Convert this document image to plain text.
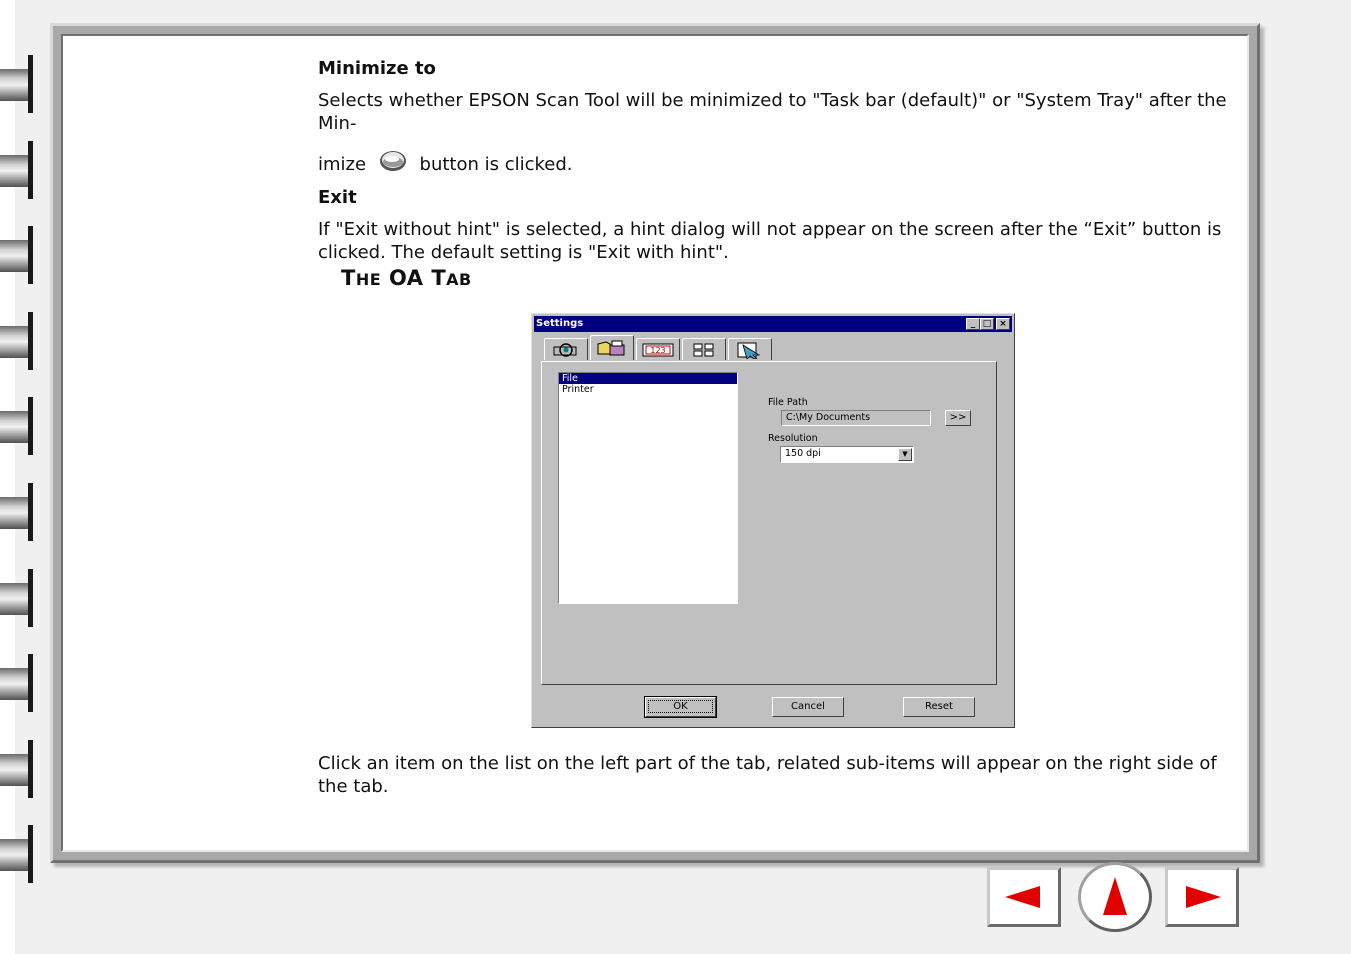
Minimize to

Selects whether EPSON Scan Tool will be minimized to "Task bar (default)" or "System Tray" after the Min-

imize	button is clicked.

Exit

If "Exit without hint" is selected, a hint dialog will not appear on the screen after the “Exit” button is clicked. The default setting is "Exit with hint".

THE OA TAB
Settings	_ □ ×
123
File
Printer
File Path
C:\My Documents	>>
Resolution
150 dpi	▼
OK	Cancel	Reset
Click an item on the list on the left part of the tab, related sub-items will appear on the right side of the tab.
